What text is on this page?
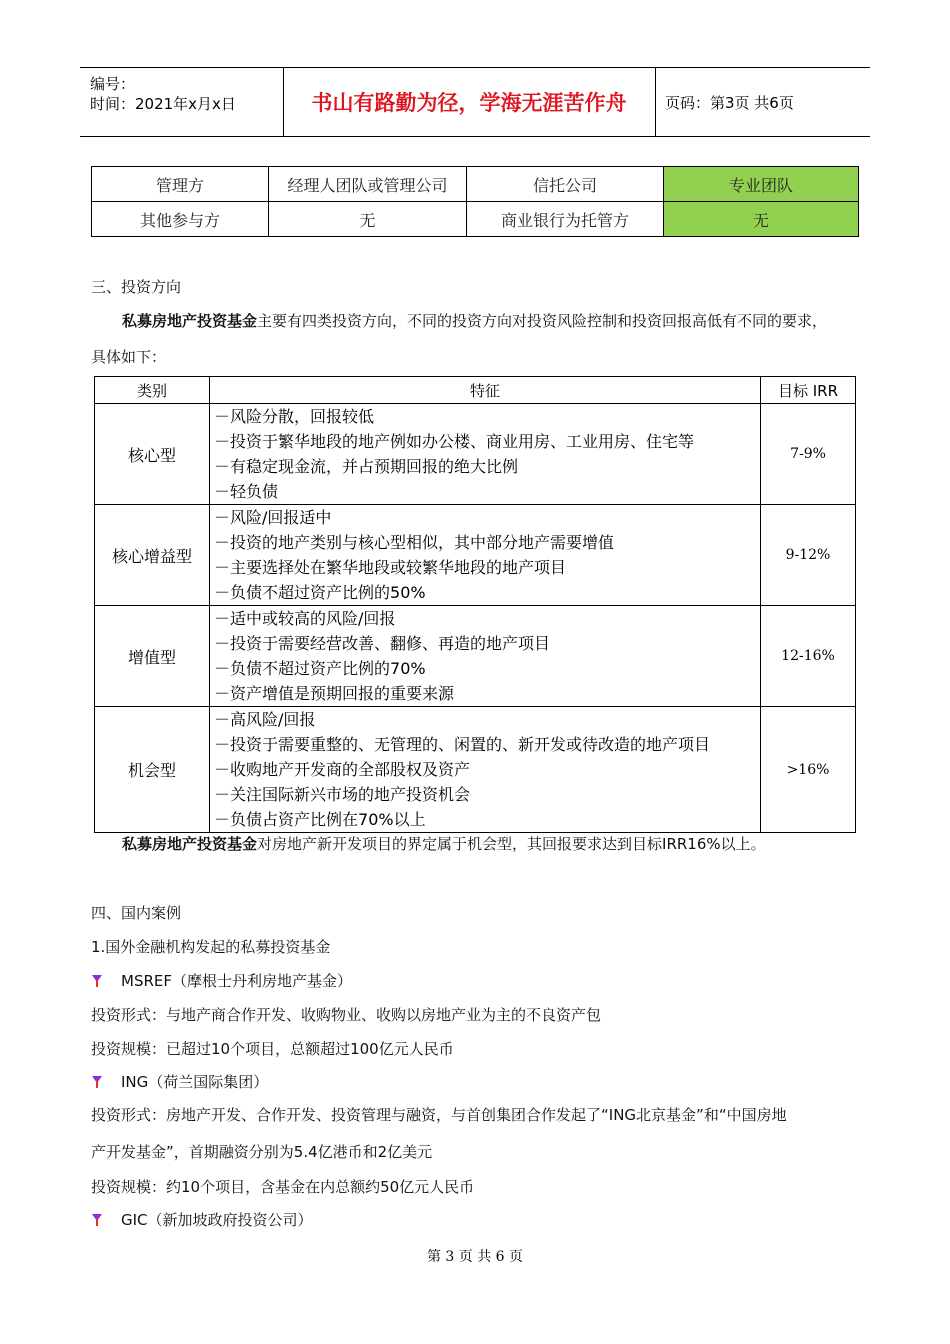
编号：
时间：2021年x月x日	书山有路勤为径，学海无涯苦作舟	页码：第3页 共6页
管理方	经理人团队或管理公司	信托公司	专业团队
其他参与方	无	商业银行为托管方	无
三、投资方向
私募房地产投资基金主要有四类投资方向，不同的投资方向对投资风险控制和投资回报高低有不同的要求，
具体如下：
类别	特征	目标 IRR
核心型	－ 风险分散，回报较低
－ 投资于繁华地段的地产例如办公楼、商业用房、工业用房、住宅等
－ 有稳定现金流，并占预期回报的绝大比例
－ 轻负债	7-9%
核心增益型	－ 风险/回报适中
－ 投资的地产类别与核心型相似，其中部分地产需要增值
－ 主要选择处在繁华地段或较繁华地段的地产项目
－ 负债不超过资产比例的50%	9-12%
增值型	－ 适中或较高的风险/回报
－ 投资于需要经营改善、翻修、再造的地产项目
－ 负债不超过资产比例的70%
－ 资产增值是预期回报的重要来源	12-16%
机会型	－ 高风险/回报
－ 投资于需要重整的、无管理的、闲置的、新开发或待改造的地产项目
－ 收购地产开发商的全部股权及资产
－ 关注国际新兴市场的地产投资机会
－ 负债占资产比例在70%以上	>16%
私募房地产投资基金对房地产新开发项目的界定属于机会型，其回报要求达到目标IRR16%以上。
四、国内案例
1.国外金融机构发起的私募投资基金
MSREF（摩根士丹利房地产基金）
投资形式：与地产商合作开发、收购物业、收购以房地产业为主的不良资产包
投资规模：已超过10个项目，总额超过100亿元人民币
ING（荷兰国际集团）
投资形式：房地产开发、合作开发、投资管理与融资，与首创集团合作发起了“ING北京基金”和“中国房地
产开发基金”，首期融资分别为5.4亿港币和2亿美元
投资规模：约10个项目，含基金在内总额约50亿元人民币
GIC（新加坡政府投资公司）
第 3 页 共 6 页
